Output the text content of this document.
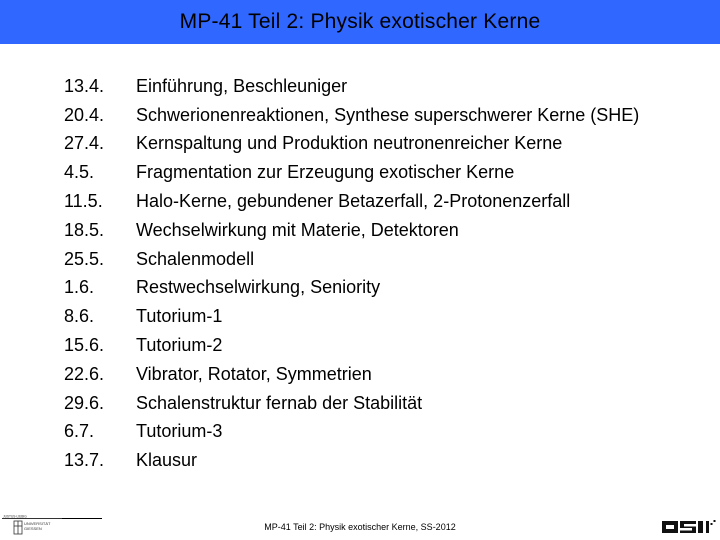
MP-41 Teil 2: Physik exotischer Kerne
13.4.	Einführung, Beschleuniger
20.4.	Schwerionenreaktionen, Synthese superschwerer Kerne (SHE)
27.4.	Kernspaltung und Produktion neutronenreicher Kerne
4.5.	Fragmentation zur Erzeugung exotischer Kerne
11.5.	Halo-Kerne, gebundener Betazerfall, 2-Protonenzerfall
18.5.	Wechselwirkung mit Materie, Detektoren
25.5.	Schalenmodell
1.6.	Restwechselwirkung, Seniority
8.6.	Tutorium-1
15.6.	Tutorium-2
22.6.	Vibrator, Rotator, Symmetrien
29.6.	Schalenstruktur fernab der Stabilität
6.7.	Tutorium-3
13.7.	Klausur
JUSTUS-LIEBIG
UNIVERSITÄT
GIESSEN	MP-41 Teil 2: Physik exotischer Kerne, SS-2012
